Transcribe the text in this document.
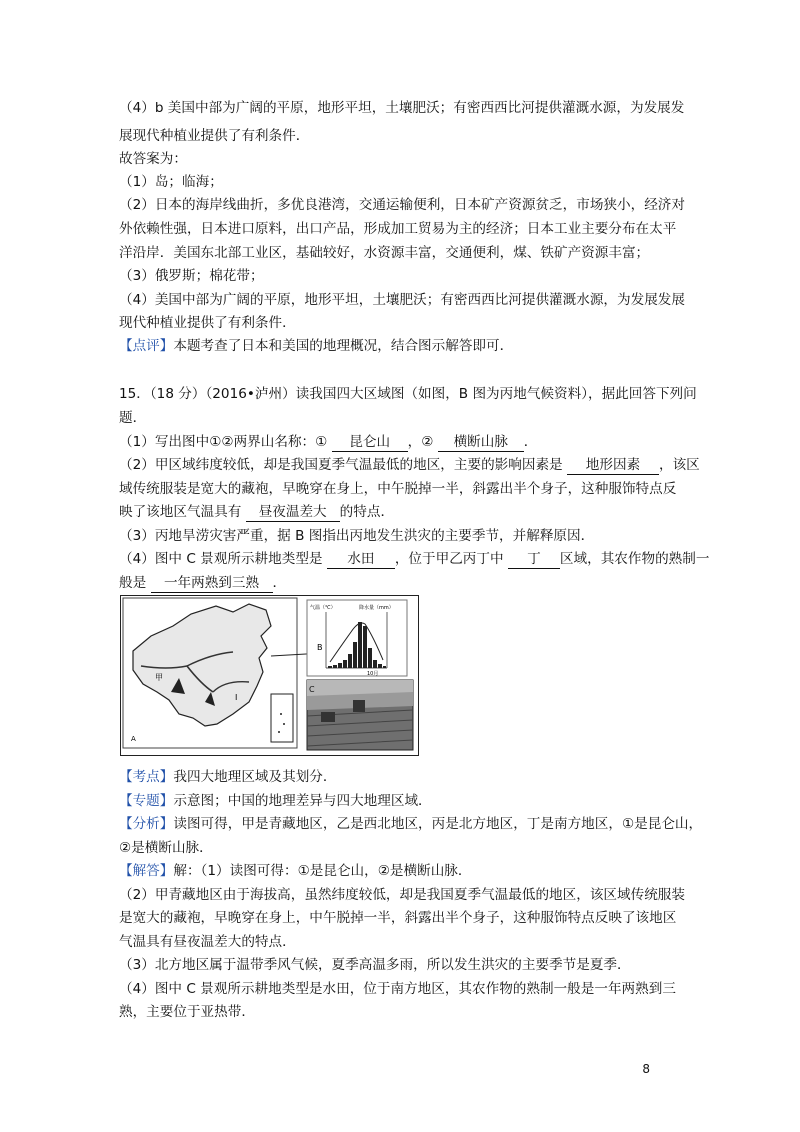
（4）b 美国中部为广阔的平原，地形平坦，土壤肥沃；有密西西比河提供灌溉水源，为发展发
展现代种植业提供了有利条件．
故答案为：
（1）岛；临海；
（2）日本的海岸线曲折，多优良港湾，交通运输便利，日本矿产资源贫乏，市场狭小，经济对
外依赖性强，日本进口原料，出口产品，形成加工贸易为主的经济；日本工业主要分布在太平
洋沿岸．美国东北部工业区，基础较好，水资源丰富，交通便利，煤、铁矿产资源丰富；
（3）俄罗斯；棉花带；
（4）美国中部为广阔的平原，地形平坦，土壤肥沃；有密西西比河提供灌溉水源，为发展发展
现代种植业提供了有利条件．
【点评】本题考查了日本和美国的地理概况，结合图示解答即可．
15．（18 分）（2016•泸州）读我国四大区域图（如图，B 图为丙地气候资料），据此回答下列问
题．
（1）写出图中①②两界山名称：① 昆仑山 ，② 横断山脉 ．
（2）甲区域纬度较低，却是我国夏季气温最低的地区，主要的影响因素是 地形因素 ，该区
域传统服装是宽大的藏袍，早晚穿在身上，中午脱掉一半，斜露出半个身子，这种服饰特点反
映了该地区气温具有 昼夜温差大 的特点．
（3）丙地旱涝灾害严重，据 B 图指出丙地发生洪灾的主要季节，并解释原因．
（4）图中 C 景观所示耕地类型是 水田 ，位于甲乙丙丁中 丁 区域，其农作物的熟制一
般是 一年两熟到三熟 ．
甲
I
A
气温（℃）	降水量（mm）
B
10月
C
【考点】我四大地理区域及其划分．
【专题】示意图；中国的地理差异与四大地理区域．
【分析】读图可得，甲是青藏地区，乙是西北地区，丙是北方地区，丁是南方地区，①是昆仑山，
②是横断山脉．
【解答】解：（1）读图可得：①是昆仑山，②是横断山脉．
（2）甲青藏地区由于海拔高，虽然纬度较低，却是我国夏季气温最低的地区，该区域传统服装
是宽大的藏袍，早晚穿在身上，中午脱掉一半，斜露出半个身子，这种服饰特点反映了该地区
气温具有昼夜温差大的特点．
（3）北方地区属于温带季风气候，夏季高温多雨，所以发生洪灾的主要季节是夏季．
（4）图中 C 景观所示耕地类型是水田，位于南方地区，其农作物的熟制一般是一年两熟到三
熟，主要位于亚热带．
8
